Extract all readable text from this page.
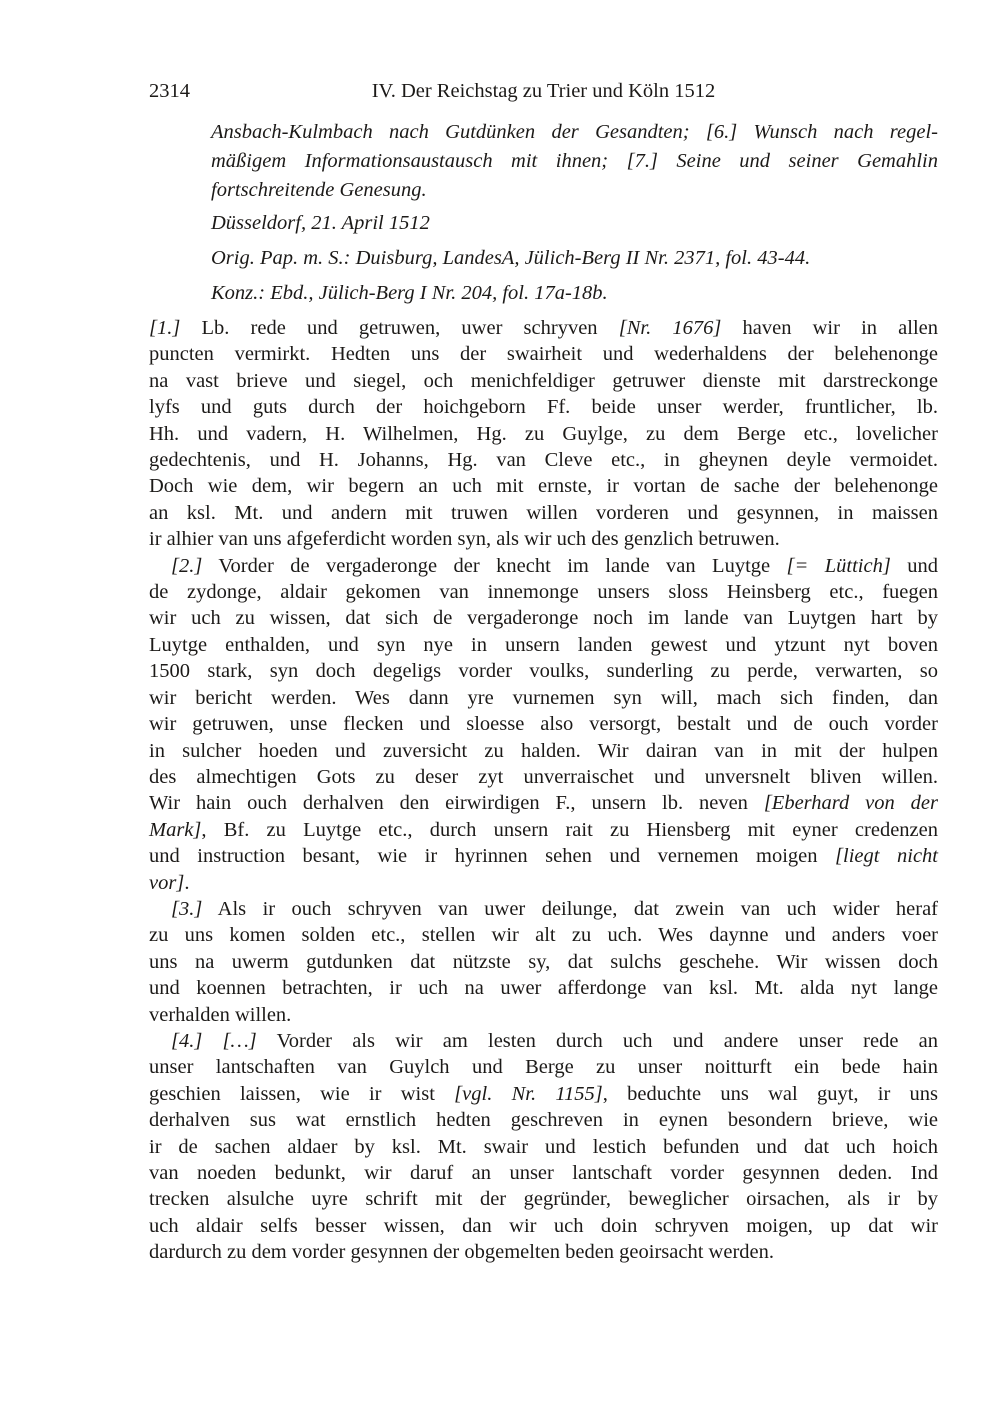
2314	IV. Der Reichstag zu Trier und Köln 1512
Ansbach-Kulmbach nach Gutdünken der Gesandten; [6.] Wunsch nach regel-
mäßigem Informationsaustausch mit ihnen; [7.] Seine und seiner Gemahlin
fortschreitende Genesung.
Düsseldorf, 21. April 1512
Orig. Pap. m. S.: Duisburg, LandesA, Jülich-Berg II Nr. 2371, fol. 43-44.
Konz.: Ebd., Jülich-Berg I Nr. 204, fol. 17a-18b.
[1.] Lb. rede und getruwen, uwer schryven [Nr. 1676] haven wir in allen
puncten vermirkt. Hedten uns der swairheit und wederhaldens der belehenonge
na vast brieve und siegel, och menichfeldiger getruwer dienste mit darstreckonge
lyfs und guts durch der hoichgeborn Ff. beide unser werder, fruntlicher, lb.
Hh. und vadern, H. Wilhelmen, Hg. zu Guylge, zu dem Berge etc., lovelicher
gedechtenis, und H. Johanns, Hg. van Cleve etc., in gheynen deyle vermoidet.
Doch wie dem, wir begern an uch mit ernste, ir vortan de sache der belehenonge
an ksl. Mt. und andern mit truwen willen vorderen und gesynnen, in maissen
ir alhier van uns afgeferdicht worden syn, als wir uch des genzlich betruwen.
[2.] Vorder de vergaderonge der knecht im lande van Luytge [= Lüttich] und
de zydonge, aldair gekomen van innemonge unsers sloss Heinsberg etc., fuegen
wir uch zu wissen, dat sich de vergaderonge noch im lande van Luytgen hart by
Luytge enthalden, und syn nye in unsern landen gewest und ytzunt nyt boven
1500 stark, syn doch degeligs vorder voulks, sunderling zu perde, verwarten, so
wir bericht werden. Wes dann yre vurnemen syn will, mach sich finden, dan
wir getruwen, unse flecken und sloesse also versorgt, bestalt und de ouch vorder
in sulcher hoeden und zuversicht zu halden. Wir dairan van in mit der hulpen
des almechtigen Gots zu deser zyt unverraischet und unversnelt bliven willen.
Wir hain ouch derhalven den eirwirdigen F., unsern lb. neven [Eberhard von der
Mark], Bf. zu Luytge etc., durch unsern rait zu Hiensberg mit eyner credenzen
und instruction besant, wie ir hyrinnen sehen und vernemen moigen [liegt nicht
vor].
[3.] Als ir ouch schryven van uwer deilunge, dat zwein van uch wider heraf
zu uns komen solden etc., stellen wir alt zu uch. Wes daynne und anders voer
uns na uwerm gutdunken dat nützste sy, dat sulchs geschehe. Wir wissen doch
und koennen betrachten, ir uch na uwer afferdonge van ksl. Mt. alda nyt lange
verhalden willen.
[4.] […] Vorder als wir am lesten durch uch und andere unser rede an
unser lantschaften van Guylch und Berge zu unser noitturft ein bede hain
geschien laissen, wie ir wist [vgl. Nr. 1155], beduchte uns wal guyt, ir uns
derhalven sus wat ernstlich hedten geschreven in eynen besondern brieve, wie
ir de sachen aldaer by ksl. Mt. swair und lestich befunden und dat uch hoich
van noeden bedunkt, wir daruf an unser lantschaft vorder gesynnen deden. Ind
trecken alsulche uyre schrift mit der gegründer, beweglicher oirsachen, als ir by
uch aldair selfs besser wissen, dan wir uch doin schryven moigen, up dat wir
dardurch zu dem vorder gesynnen der obgemelten beden geoirsacht werden.
